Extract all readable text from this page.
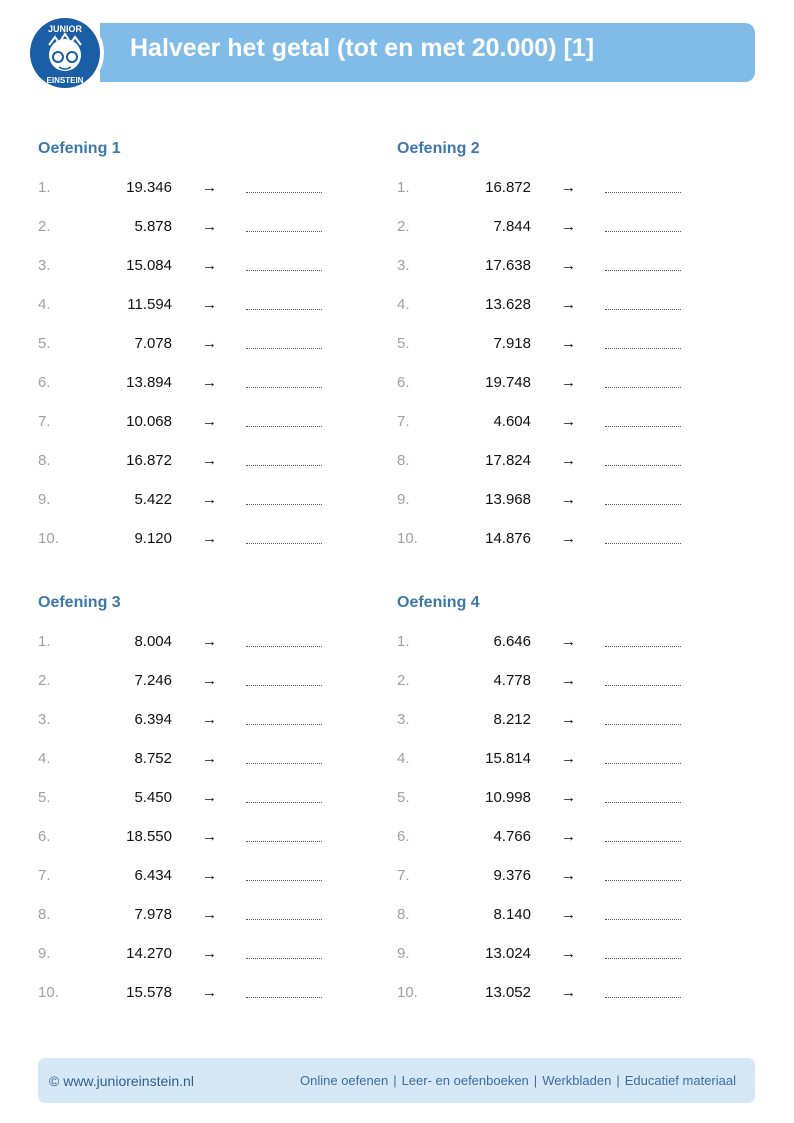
JUNIOR
EINSTEIN
Halveer het getal (tot en met 20.000) [1]
Oefening 1
1.	19.346 →
2.	5.878 →
3.	15.084 →
4.	11.594 →
5.	7.078 →
6.	13.894 →
7.	10.068 →
8.	16.872 →
9.	5.422 →
10.	9.120 →
Oefening 2
1.	16.872 →
2.	7.844 →
3.	17.638 →
4.	13.628 →
5.	7.918 →
6.	19.748 →
7.	4.604 →
8.	17.824 →
9.	13.968 →
10.	14.876 →
Oefening 3
1.	8.004 →
2.	7.246 →
3.	6.394 →
4.	8.752 →
5.	5.450 →
6.	18.550 →
7.	6.434 →
8.	7.978 →
9.	14.270 →
10.	15.578 →
Oefening 4
1.	6.646 →
2.	4.778 →
3.	8.212 →
4.	15.814 →
5.	10.998 →
6.	4.766 →
7.	9.376 →
8.	8.140 →
9.	13.024 →
10.	13.052 →
© www.junioreinstein.nl	Online oefenen | Leer- en oefenboeken | Werkbladen | Educatief materiaal
